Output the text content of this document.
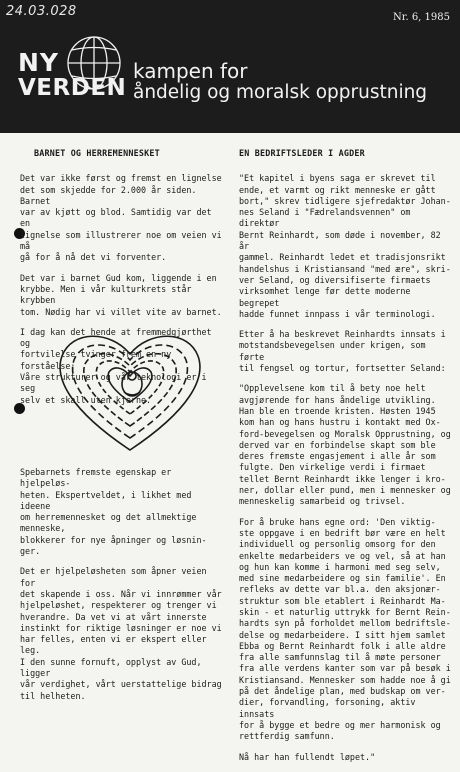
24.03.028	Nr. 6, 1985
NY
VERDEN
kampen for
åndelig og moralsk opprustning
BARNET OG HERREMENNESKET

Det var ikke først og fremst en lignelse
det som skjedde for 2.000 år siden. Barnet
var av kjøtt og blod. Samtidig var det en
lignelse som illustrerer noe om veien vi må
gå for å nå det vi forventer.

Det var i barnet Gud kom, liggende i en
krybbe. Men i vår kulturkrets står krybben
tom. Nødig har vi villet vite av barnet.

I dag kan det hende at fremmedgjørthet og
fortvilelse tvinger frem en ny forståelse:
Våre strukturer og vår teknologi er i seg
selv et skall uten kjerne.

Spebarnets fremste egenskap er hjelpeløs-
heten. Ekspertveldet, i likhet med ideene
om herremennesket og det allmektige menneske,
blokkerer for nye åpninger og løsnin-
ger.

Det er hjelpeløsheten som åpner veien for
det skapende i oss. Når vi innrømmer vår
hjelpeløshet, respekterer og trenger vi
hverandre. Da vet vi at vårt innerste
instinkt for riktige løsninger er noe vi
har felles, enten vi er ekspert eller leg.
I den sunne fornuft, opplyst av Gud, ligger
vår verdighet, vårt uerstattelige bidrag
til helheten.

EN BEDRIFTSLEDER I AGDER

"Et kapitel i byens saga er skrevet til
ende, et varmt og rikt menneske er gått
bort," skrev tidligere sjefredaktør Johan-
nes Seland i "Fædrelandsvennen" om direktør
Bernt Reinhardt, som døde i november, 82 år
gammel. Reinhardt ledet et tradisjonsrikt
handelshus i Kristiansand "med ære", skri-
ver Seland, og diversifiserte firmaets
virksomhet lenge før dette moderne begrepet
hadde funnet innpass i vår terminologi.

Etter å ha beskrevet Reinhardts innsats i
motstandsbevegelsen under krigen, som førte
til fengsel og tortur, fortsetter Seland:

"Opplevelsene kom til å bety noe helt
avgjørende for hans åndelige utvikling.
Han ble en troende kristen. Høsten 1945
kom han og hans hustru i kontakt med Ox-
ford-bevegelsen og Moralsk Opprustning, og
derved var en forbindelse skapt som ble
deres fremste engasjement i alle år som
fulgte. Den virkelige verdi i firmaet
tellet Bernt Reinhardt ikke lenger i kro-
ner, dollar eller pund, men i mennesker og
menneskelig samarbeid og trivsel.

For å bruke hans egne ord: 'Den viktig-
ste oppgave i en bedrift bør være en helt
individuell og personlig omsorg for den
enkelte medarbeiders ve og vel, så at han
og hun kan komme i harmoni med seg selv,
med sine medarbeidere og sin familie'. En
refleks av dette var bl.a. den aksjonær-
struktur som ble etablert i Reinhardt Ma-
skin - et naturlig uttrykk for Bernt Rein-
hardts syn på forholdet mellom bedriftsle-
delse og medarbeidere. I sitt hjem samlet
Ebba og Bernt Reinhardt folk i alle aldre
fra alle samfunnslag til å møte personer
fra alle verdens kanter som var på besøk i
Kristiansand. Mennesker som hadde noe å gi
på det åndelige plan, med budskap om ver-
dier, forvandling, forsoning, aktiv innsats
for å bygge et bedre og mer harmonisk og
rettferdig samfunn.

Nå har han fullendt løpet."
